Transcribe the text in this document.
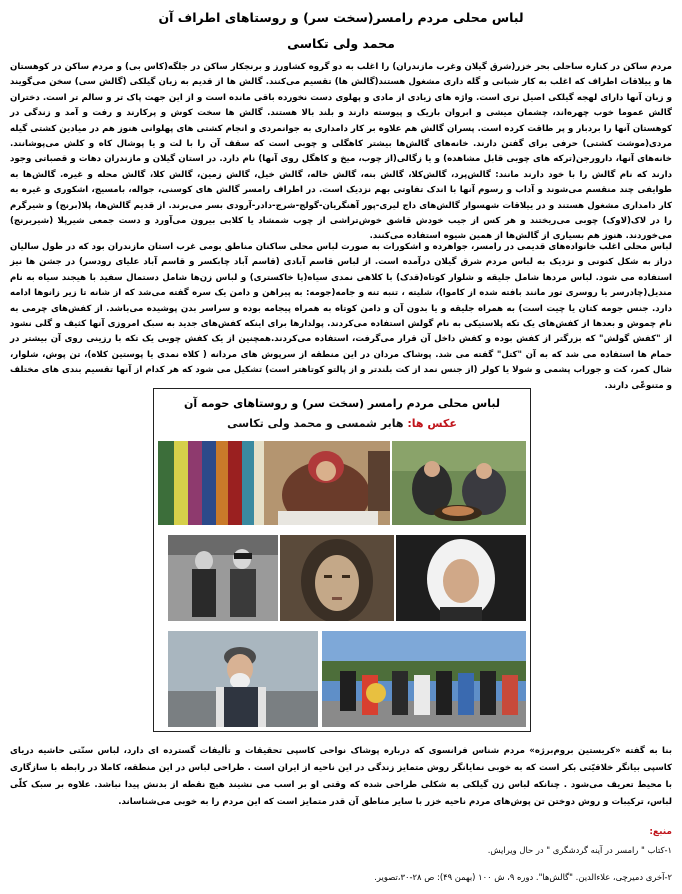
لباس محلی مردم رامسر(سخت سر) و روستاهای اطراف آن
محمد ولی تکاسی

مردم ساکن در کناره ساحلی بحر خزر(شرق گیلان وغرب مازندران) را اغلب به دو گروه کشاورز و برنجکار ساکن در جلگه(کاس بی) و مردم ساکن در کوهستان ها و ییلاقات اطراف که اغلب به کار شبانی و گله داری مشغول هستند(گالش ها) تقسیم می‌کنند. گالش ها از قدیم به زبان گیلکی (گالش سی) سخن می‌گویند و زبان آنها دارای لهجه گیلکی اصیل تری است. واژه های زیادی از مادی و پهلوی دست نخورده باقی مانده است و از این جهت پاک تر و سالم تر است. دختران گالش عموما خوب چهره‌اند، چشمان میشی و ابروان باریک و پیوسته دارند و بلند بالا هستند. گالش ها سخت کوش و پرکارند و رفت و آمد و زندگی در کوهستان آنها را بردبار و پر طاقت کرده است. پسران گالش هم علاوه بر کار دامداری به جوانمردی و انجام کشتی های پهلوانی هنوز هم در میادین کشتی گیله مردی(موشت کشتی) حرفی برای گفتن دارند. خانه‌های گالش‌ها بیشتر کاهگلی و چوبی است که سقف آن را با لت و یا پوشال کاه و کلش می‌پوشانند. خانه‌های آنها، دارورجن(ترکه های چوبی قابل مشاهده) و یا زگالی(از چوب، میخ و کاهگل روی آنها) نام دارد. در استان گیلان و مازندران دهات و قصباتی وجود دارند که نام گالش را با خود دارند مانند: گالش‌پرد، گالش‌کلا، گالش بنه، گالش خاله، گالش خیل، گالش زمین، گالش کلا، گالش محله و غیره. گالش‌ها به طوایفی چند منقسم می‌شوند و آداب و رسوم آنها با اندک تفاوتی بهم نزدیک است. در اطراف رامسر گالش های کوسنی، جواله، بامسیج، اشکوری و غیره به کار دامداری مشغول هستند و در ییلاقات شهسوار گالش‌های داج لیری-پور آهنگریان-گولج-شرج-دادر-آرودی بسر می‌برند. از قدیم گالش‌ها، پلا(برنج) و شیرگرم را در لاک(لاوک) چوبی می‌ریختند و هر کس از جیب خودش قاشق خوش‌تراشی از چوب شمشاد یا کلابی بیرون می‌آورد و دست جمعی شیرپلا (شیربرنج) می‌خوردند. هنوز هم بسیاری از گالش‌ها از همین شیوه استفاده می‌کنند.

لباس محلی اغلب خانواده‌های قدیمی در رامسر، جواهرده و اشکورات به صورت لباس محلی ساکنان مناطق بومی غرب استان مازندران بود که در طول سالیان دراز به شکل کنونی و نزدیک به لباس مردم شرق گیلان درآمده است. از لباس قاسم آبادی (قاسم آباد چابکسر و قاسم آباد علیای رودسر) در جشن ها نیز استفاده می شود. لباس مردها شامل جلیقه و شلوار کوتاه(قدک) با کلاهی نمدی سیاه(یا خاکستری) و لباس زن‌ها شامل دستمال سفید با هیجند سیاه به نام مندیل(چادرسر یا روسری تور مانند بافته شده از کاموا)، شلیته ، تنبه تنه و جامه(جومه: به پیراهن و دامن یک سره گفته می‌شد که از شانه تا زیر زانوها ادامه دارد. جنس جومه کتان یا چیت است) به همراه جلیقه و یا بدون آن و دامن کوتاه به همراه پیجامه بوده و سراسر بدن پوشیده می‌باشد. از کفش‌های چرمی به نام چموش و بعدها از کفش‌های یک تکه پلاستیکی به نام گولش استفاده می‌کردند. پولدارها برای اینکه کفش‌های جدید به سبک امروزی آنها کثیف و گلی نشود از "کفش گولش" که بزرگتر از کفش بوده و کفش داخل آن قرار می‌گرفت، استفاده می‌کردند.همچنین از یک کفش چوبی یک تکه با رزینی روی آن بیشتر در حمام ها استفاده می شد که به آن "کتل" گفته می شد. پوشاک مردان در این منطقه از سرپوش های مردانه ( کلاه نمدی یا پوستین کلاه)، تن پوش، شلوار، شال کمر، کت و جوراب پشمی و شولا یا کولر (از جنس نمد از کت بلندتر و از پالتو کوتاهتر است) تشکیل می شود که هر کدام از آنها تقسیم بندی های مختلف و متنوعّی دارند.

لباس محلی مردم رامسر (سخت سر) و روستاهای حومه آن
عکس ها: هابر شمسی و محمد ولی تکاسی

بنا به گفته «کریستین بروم‌برژه» مردم شناس فرانسوی که درباره پوشاک نواحی کاسپی تحقیقات و تألیفات گسترده ای دارد، لباس سنّتی حاشیه دریای کاسپی بیانگر خلاقیّتی بکر است که به خوبی نمایانگر روش متمایز زندگی در این ناحیه از ایران است . طراحی لباس در این منطقه، کاملا در رابطه با سازگاری با محیط تعریف می‌شود . چنانکه لباس زن گیلکی به شکلی طراحی شده که وقتی او بر اسب می نشیند هیچ نقطه از بدنش پیدا نباشد. علاوه بر سبک کلّی لباس، ترکیبات و روش دوختن تن پوش‌های مردم ناحیه خزر با سایر مناطق آن قدر متمایز است که این مردم را به خوبی می‌شناساند.

منبع:
۱-کتاب " رامسر در آینه گردشگری " در حال ویرایش.
۲-آخری دمیرچی، علاءالدین. "گالش‌ها". دوره ۹، ش ۱۰۰ (بهمن ۴۹): ص ۲۸-۳۰،تصویر.
